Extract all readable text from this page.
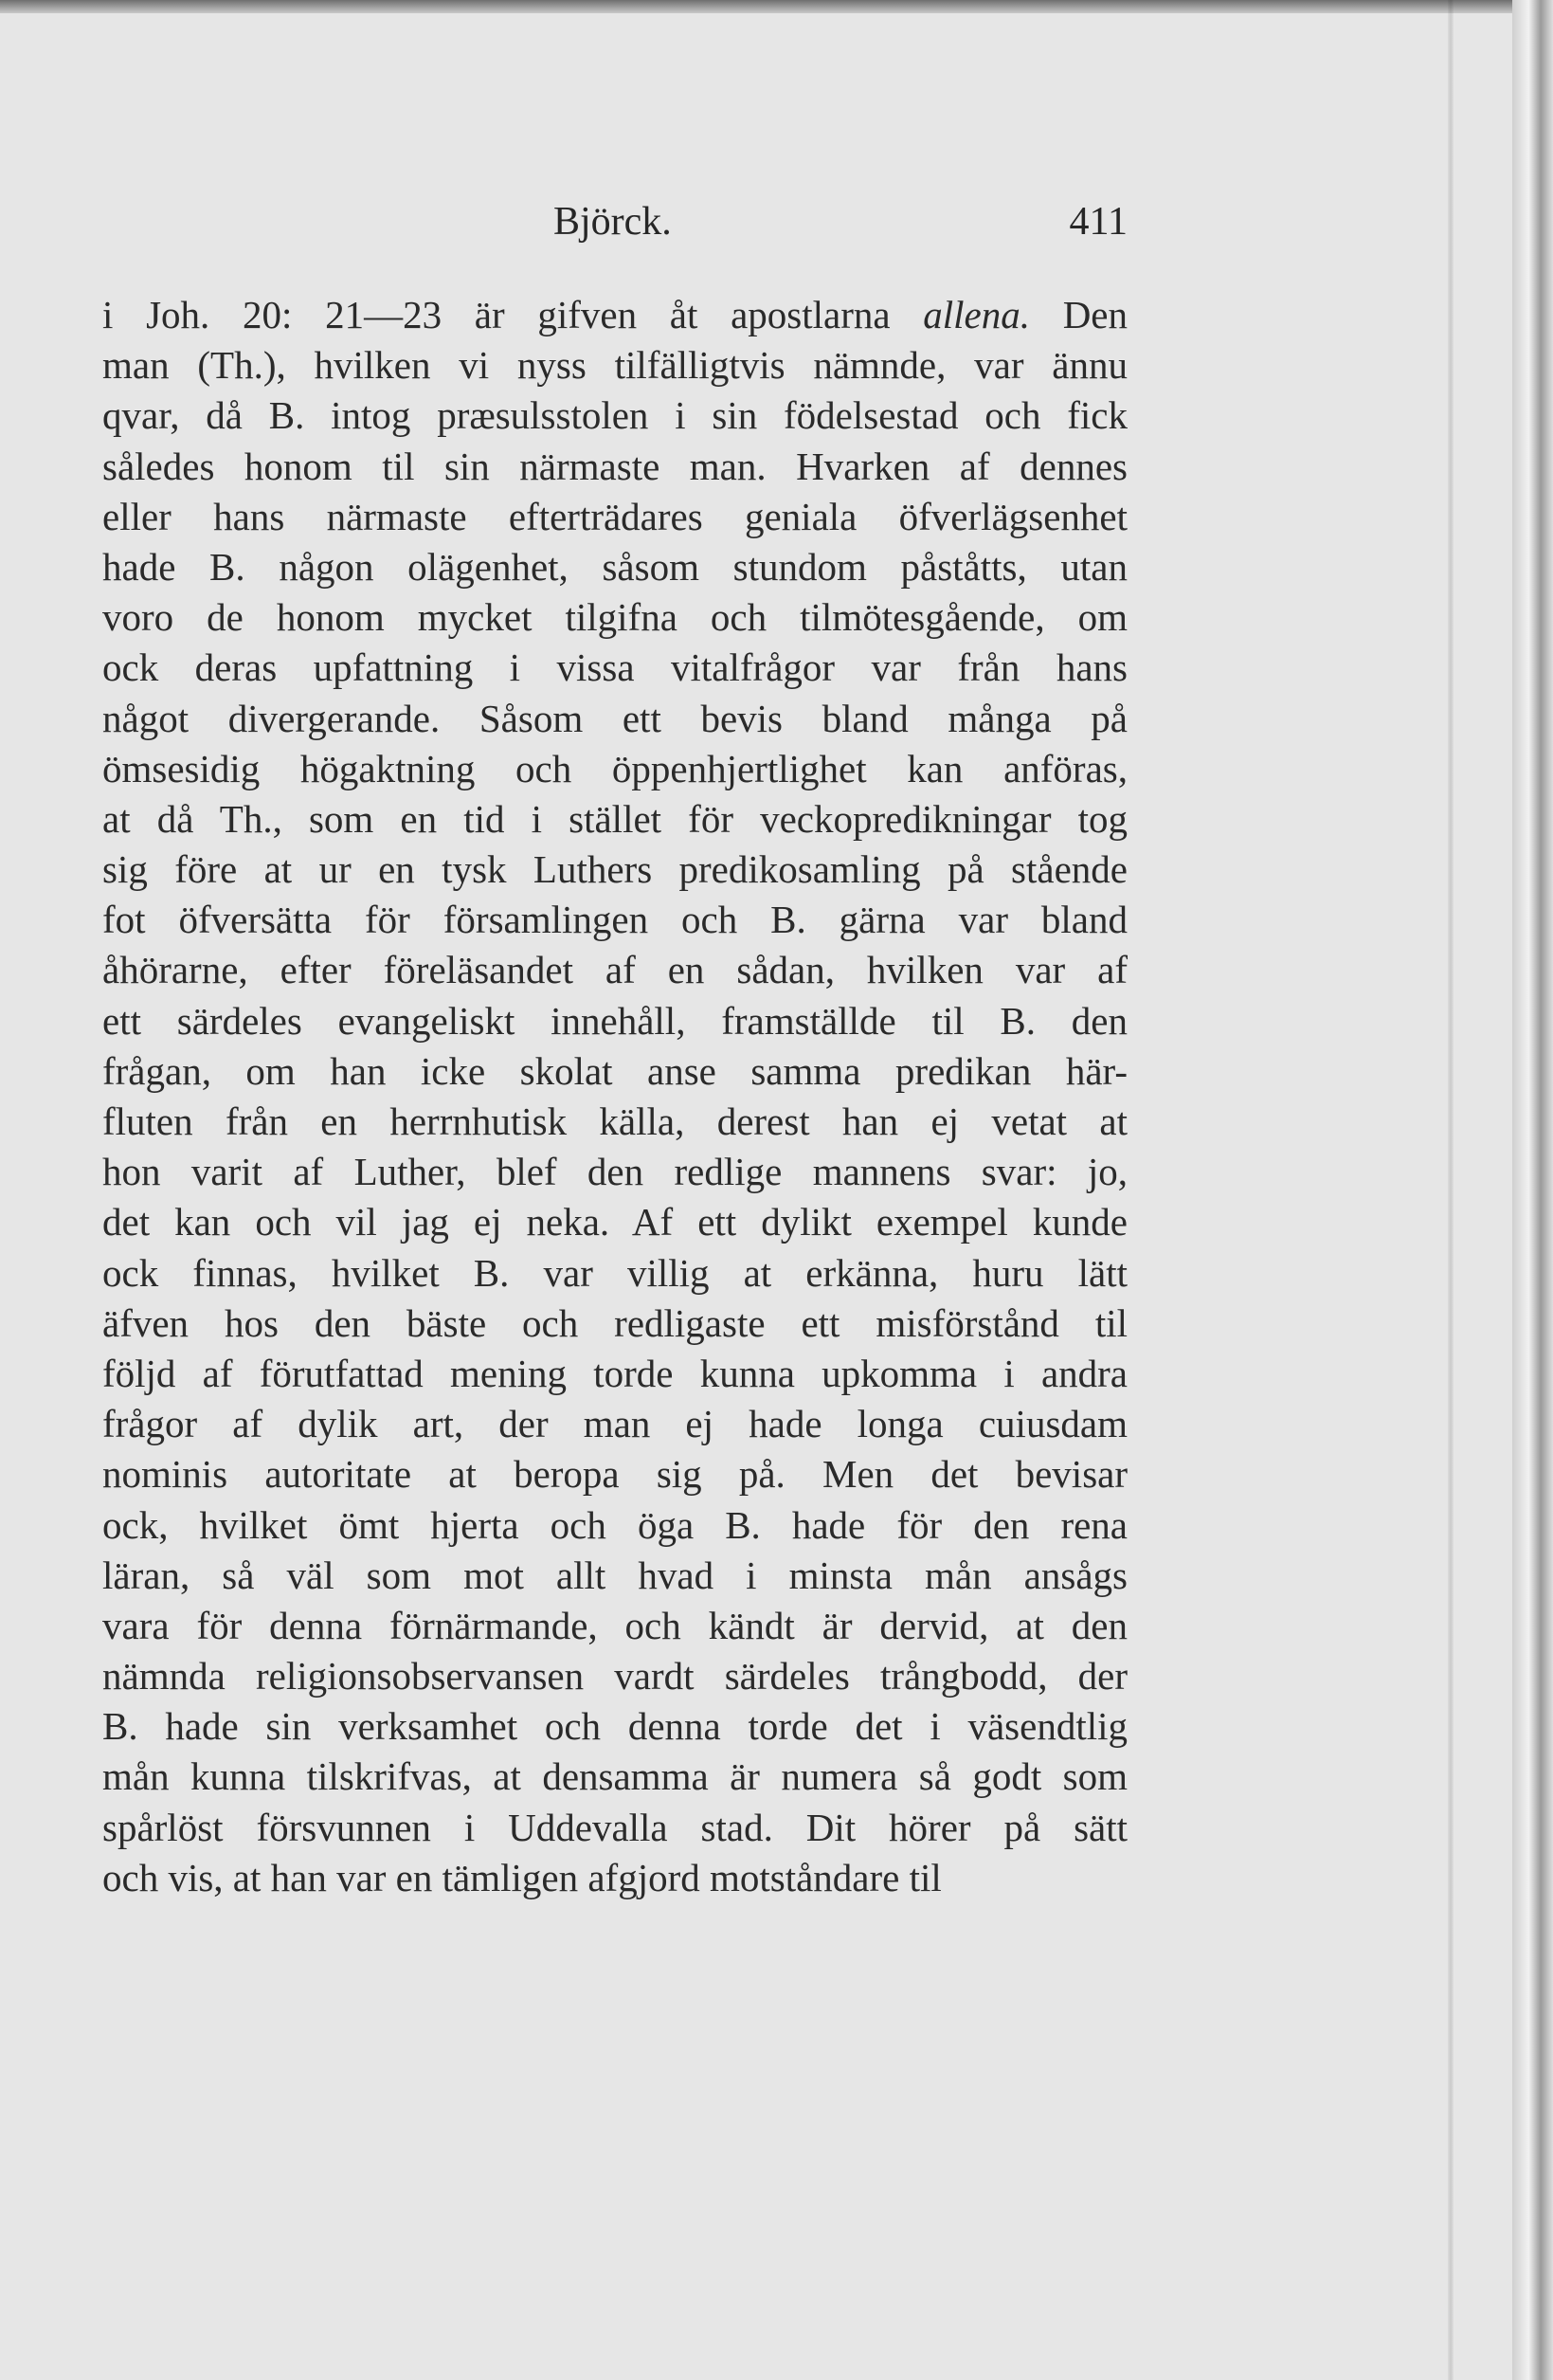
Björck.	411
i Joh. 20: 21—23 är gifven åt apostlarna allena. Den
man (Th.), hvilken vi nyss tilfälligtvis nämnde, var ännu
qvar, då B. intog præsulsstolen i sin födelsestad och fick
således honom til sin närmaste man. Hvarken af dennes
eller hans närmaste efterträdares geniala öfverlägsenhet
hade B. någon olägenhet, såsom stundom påståtts, utan
voro de honom mycket tilgifna och tilmötesgående, om
ock deras upfattning i vissa vitalfrågor var från hans
något divergerande. Såsom ett bevis bland många på
ömsesidig högaktning och öppenhjertlighet kan anföras,
at då Th., som en tid i stället för veckopredikningar tog
sig före at ur en tysk Luthers predikosamling på stående
fot öfversätta för församlingen och B. gärna var bland
åhörarne, efter föreläsandet af en sådan, hvilken var af
ett särdeles evangeliskt innehåll, framställde til B. den
frågan, om han icke skolat anse samma predikan här-
fluten från en herrnhutisk källa, derest han ej vetat at
hon varit af Luther, blef den redlige mannens svar: jo,
det kan och vil jag ej neka. Af ett dylikt exempel kunde
ock finnas, hvilket B. var villig at erkänna, huru lätt
äfven hos den bäste och redligaste ett misförstånd til
följd af förutfattad mening torde kunna upkomma i andra
frågor af dylik art, der man ej hade longa cuiusdam
nominis autoritate at beropa sig på. Men det bevisar
ock, hvilket ömt hjerta och öga B. hade för den rena
läran, så väl som mot allt hvad i minsta mån ansågs
vara för denna förnärmande, och kändt är dervid, at den
nämnda religionsobservansen vardt särdeles trångbodd, der
B. hade sin verksamhet och denna torde det i väsendtlig
mån kunna tilskrifvas, at densamma är numera så godt som
spårlöst försvunnen i Uddevalla stad. Dit hörer på sätt
och vis, at han var en tämligen afgjord motståndare til
